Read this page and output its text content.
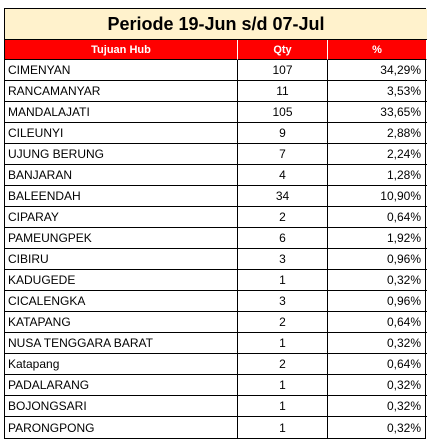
Periode 19-Jun s/d 07-Jul
Tujuan Hub	Qty	%
CIMENYAN	107	34,29%
RANCAMANYAR	11	3,53%
MANDALAJATI	105	33,65%
CILEUNYI	9	2,88%
UJUNG BERUNG	7	2,24%
BANJARAN	4	1,28%
BALEENDAH	34	10,90%
CIPARAY	2	0,64%
PAMEUNGPEK	6	1,92%
CIBIRU	3	0,96%
KADUGEDE	1	0,32%
CICALENGKA	3	0,96%
KATAPANG	2	0,64%
NUSA TENGGARA BARAT	1	0,32%
Katapang	2	0,64%
PADALARANG	1	0,32%
BOJONGSARI	1	0,32%
PARONGPONG	1	0,32%
